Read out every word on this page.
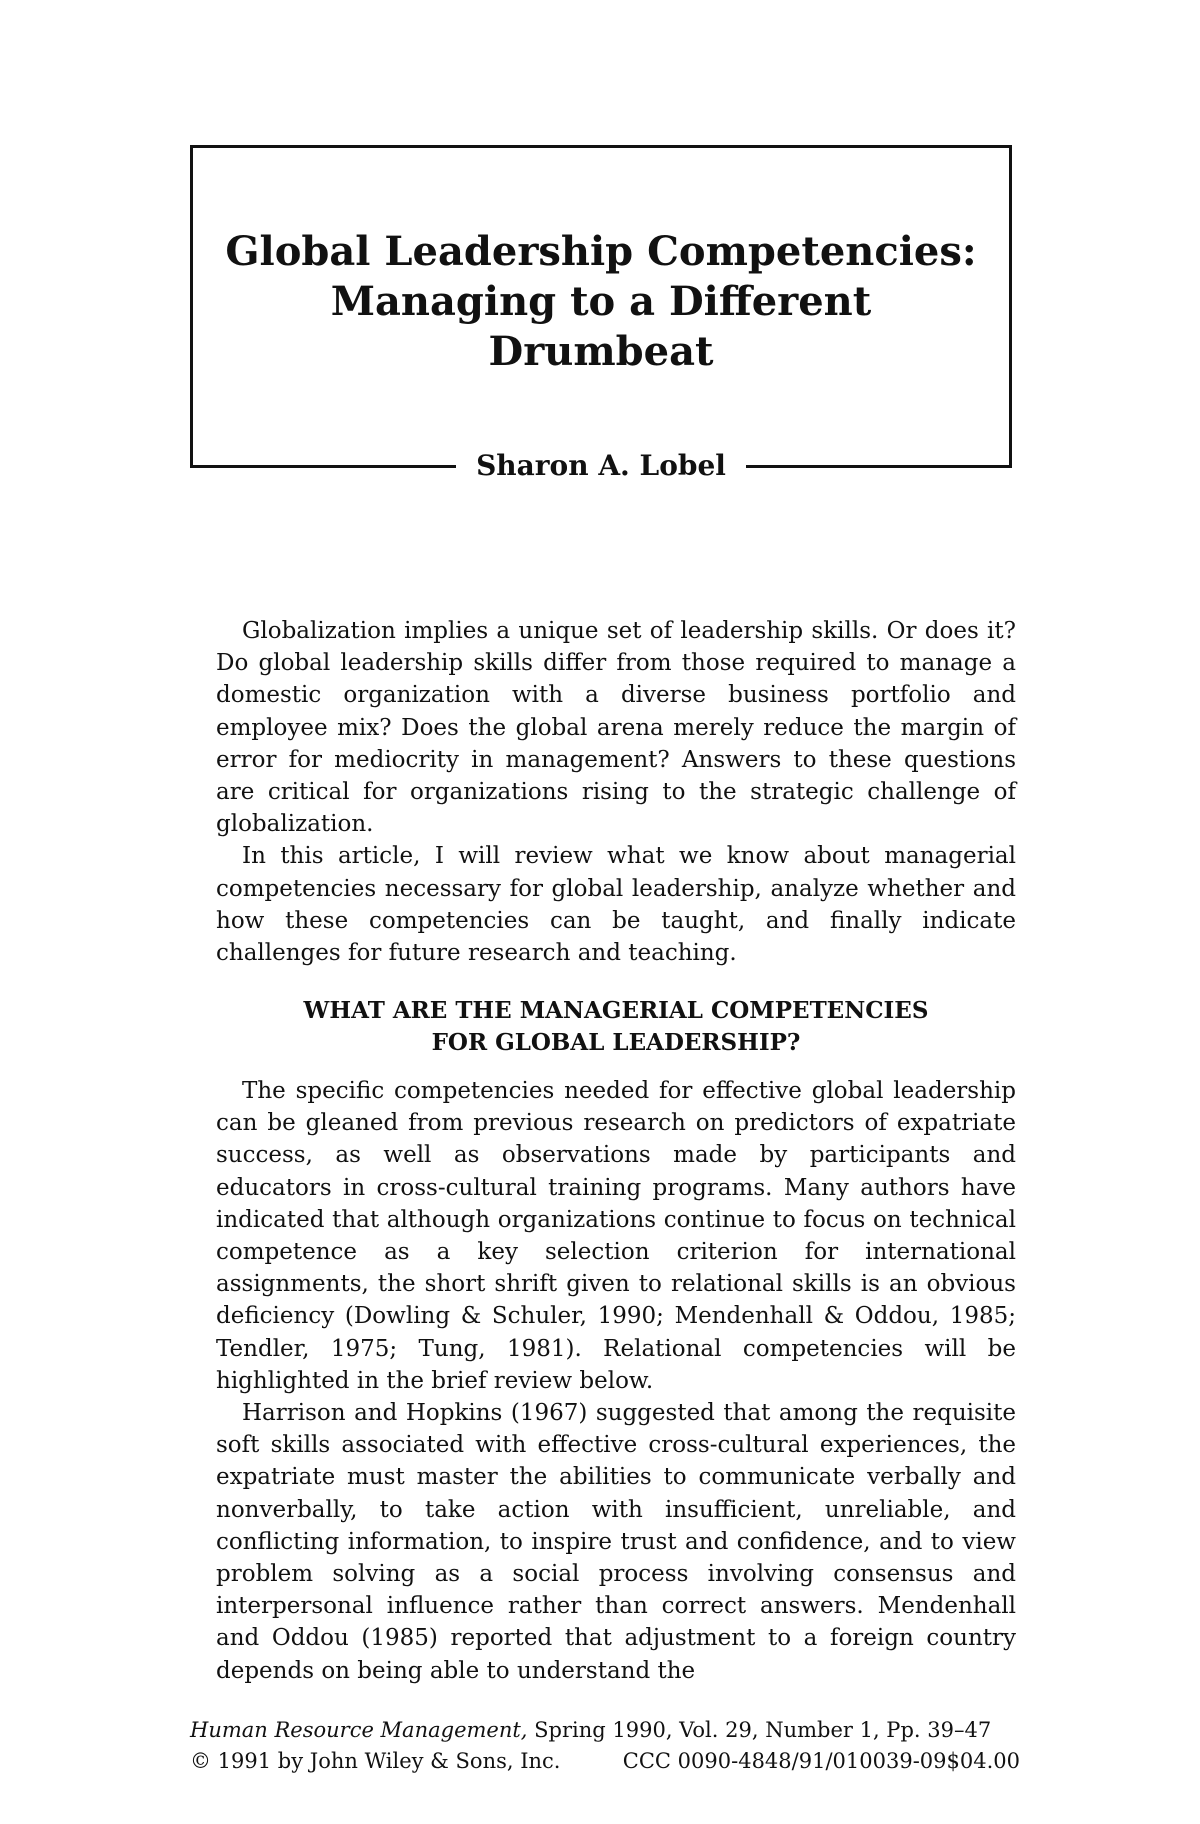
Global Leadership Competencies:
Managing to a Different
Drumbeat
Sharon A. Lobel

Globalization implies a unique set of leadership skills. Or does it? Do global leadership skills differ from those required to manage a domestic organization with a diverse business portfolio and employee mix? Does the global arena merely reduce the margin of error for mediocrity in management? Answers to these questions are critical for organizations rising to the strategic challenge of globalization.

In this article, I will review what we know about managerial competencies necessary for global leadership, analyze whether and how these competencies can be taught, and finally indicate challenges for future research and teaching.

WHAT ARE THE MANAGERIAL COMPETENCIES
FOR GLOBAL LEADERSHIP?

The specific competencies needed for effective global leadership can be gleaned from previous research on predictors of expatriate success, as well as observations made by participants and educators in cross-cultural training programs. Many authors have indicated that although organizations continue to focus on technical competence as a key selection criterion for international assignments, the short shrift given to relational skills is an obvious deficiency (Dowling & Schuler, 1990; Mendenhall & Oddou, 1985; Tendler, 1975; Tung, 1981). Relational competencies will be highlighted in the brief review below.

Harrison and Hopkins (1967) suggested that among the requisite soft skills associated with effective cross-cultural experiences, the expatriate must master the abilities to communicate verbally and nonverbally, to take action with insufficient, unreliable, and conflicting information, to inspire trust and confidence, and to view problem solving as a social process involving consensus and interpersonal influence rather than correct answers. Mendenhall and Oddou (1985) reported that adjustment to a foreign country depends on being able to understand the

Human Resource Management, Spring 1990, Vol. 29, Number 1, Pp. 39–47
© 1991 by John Wiley & Sons, Inc.	CCC 0090-4848/91/010039-09$04.00
